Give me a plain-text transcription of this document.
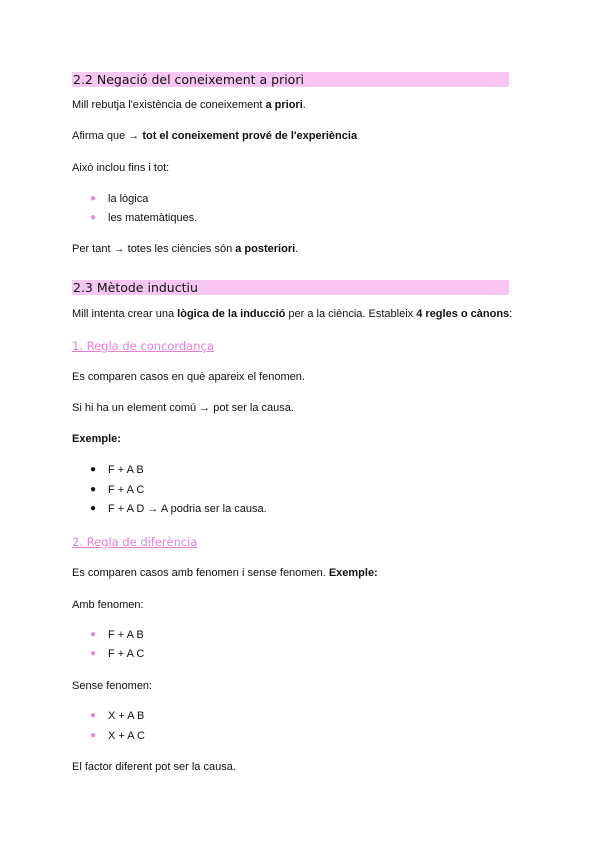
2.2 Negació del coneixement a priori
Mill rebutja l'existència de coneixement a priori.
Afirma que → tot el coneixement prové de l'experiència
Això inclou fins i tot:
● la lògica
● les matemàtiques.
Per tant → totes les ciències són a posteriori.
2.3 Mètode inductiu
Mill intenta crear una lògica de la inducció per a la ciència. Estableix 4 regles o cànons:
1. Regla de concordança
Es comparen casos en què apareix el fenomen.
Si hi ha un element comú → pot ser la causa.
Exemple:
● F + A B
● F + A C
● F + A D → A podria ser la causa.
2. Regla de diferència
Es comparen casos amb fenomen i sense fenomen. Exemple:
Amb fenomen:
● F + A B
● F + A C
Sense fenomen:
● X + A B
● X + A C
El factor diferent pot ser la causa.
